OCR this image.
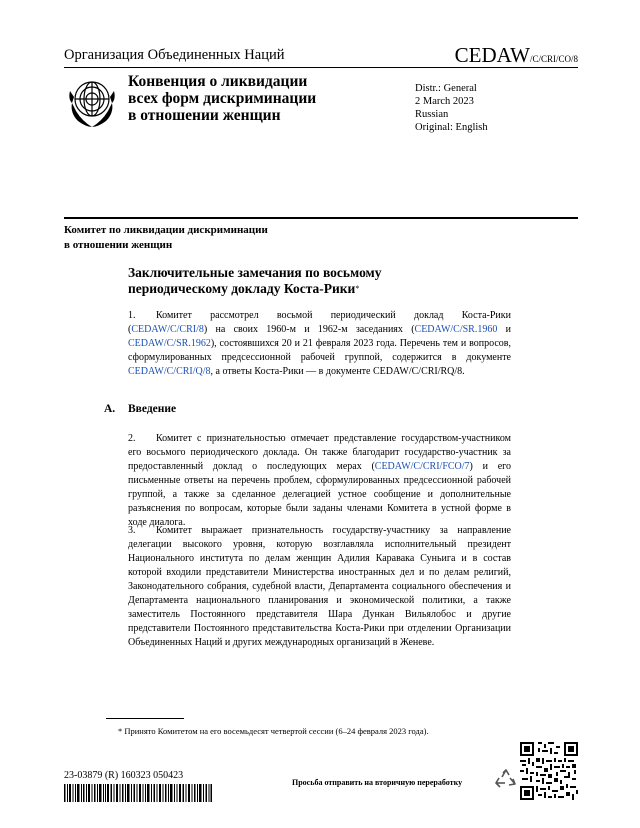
Организация Объединенных Наций	CEDAW/C/CRI/CO/8
Конвенция о ликвидации
всех форм дискриминации
в отношении женщин
Distr.: General
2 March 2023
Russian
Original: English
Комитет по ликвидации дискриминации
в отношении женщин
Заключительные замечания по восьмому
периодическому докладу Коста-Рики*
1. Комитет рассмотрел восьмой периодический доклад Коста-Рики (CEDAW/C/CRI/8) на своих 1960-м и 1962-м заседаниях (CEDAW/C/SR.1960 и CEDAW/C/SR.1962), состоявшихся 20 и 21 февраля 2023 года. Перечень тем и вопросов, сформулированных предсессионной рабочей группой, содержится в документе CEDAW/C/CRI/Q/8, а ответы Коста-Рики — в документе CEDAW/C/CRI/RQ/8.
A. Введение
2. Комитет с признательностью отмечает представление государством-участником его восьмого периодического доклада. Он также благодарит государство-участник за предоставленный доклад о последующих мерах (CEDAW/C/CRI/FCO/7) и его письменные ответы на перечень проблем, сформулированных предсессионной рабочей группой, а также за сделанное делегацией устное сообщение и дополнительные разъяснения по вопросам, которые были заданы членами Комитета в устной форме в ходе диалога.
3. Комитет выражает признательность государству-участнику за направление делегации высокого уровня, которую возглавляла исполнительный президент Национального института по делам женщин Адилия Каравака Суньига и в состав которой входили представители Министерства иностранных дел и по делам религий, Законодательного собрания, судебной власти, Департамента социального обеспечения и Департамента национального планирования и экономической политики, а также заместитель Постоянного представителя Шара Дункан Вильялобос и другие представители Постоянного представительства Коста-Рики при отделении Организации Объединенных Наций и других международных организаций в Женеве.
* Принято Комитетом на его восемьдесят четвертой сессии (6–24 февраля 2023 года).
23-03879 (R) 160323 050423
Просьба отправить на вторичную переработку
